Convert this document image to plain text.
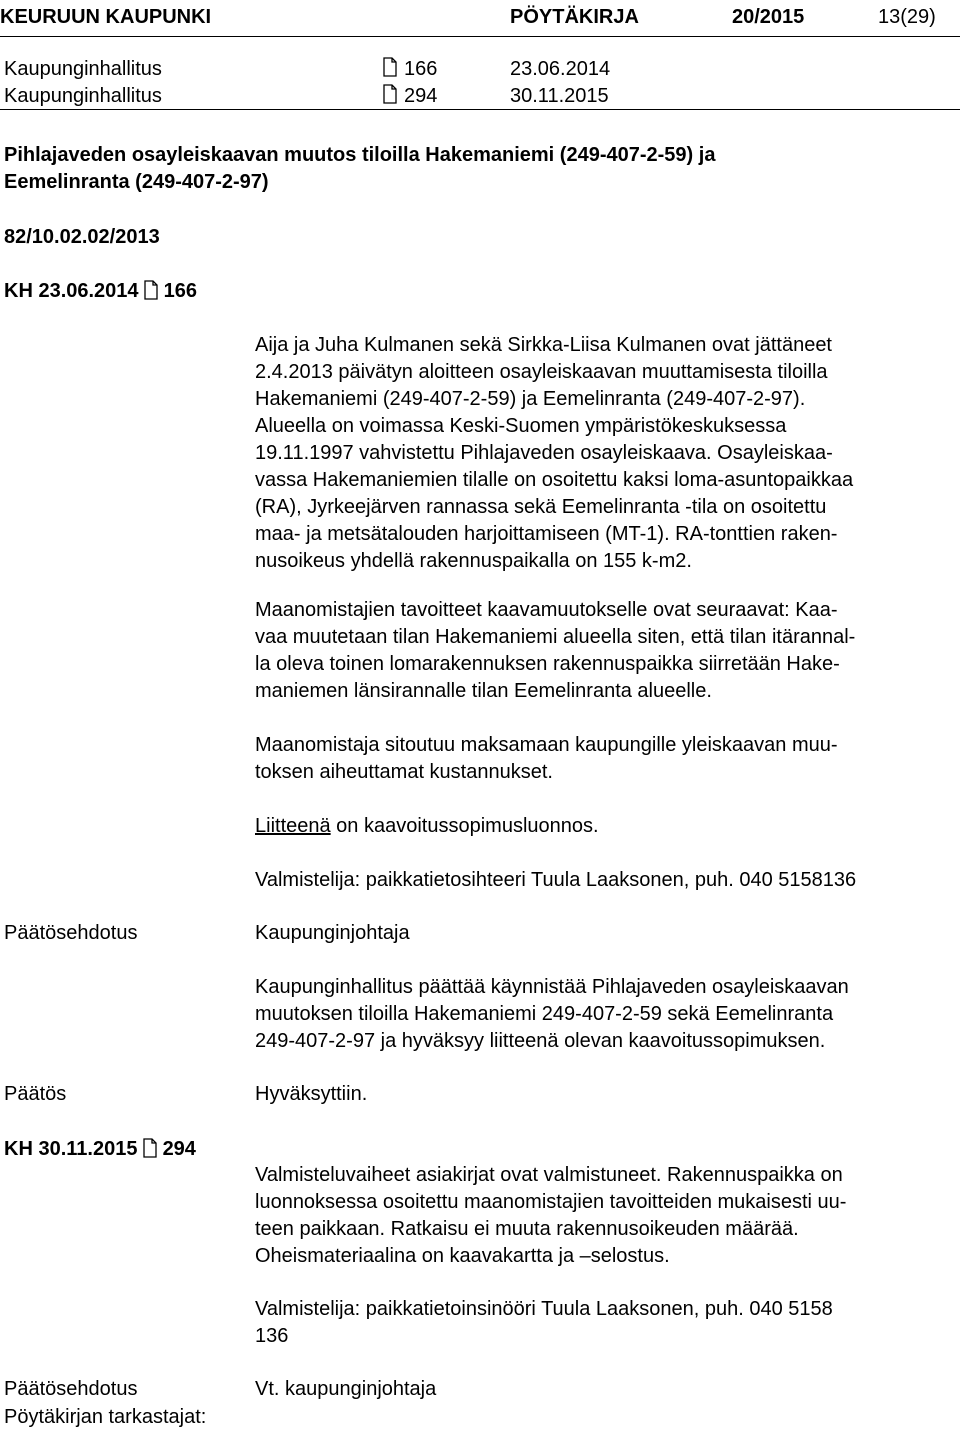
KEURUUN KAUPUNKI	PÖYTÄKIRJA	20/2015	13(29)
Kaupunginhallitus	166	23.06.2014
Kaupunginhallitus	294	30.11.2015
Pihlajaveden osayleiskaavan muutos tiloilla Hakemaniemi (249-407-2-59) ja
Eemelinranta (249-407-2-97)
82/10.02.02/2013
KH 23.06.2014 166

Aija ja Juha Kulmanen sekä Sirkka-Liisa Kulmanen ovat jättäneet

2.4.2013 päivätyn aloitteen osayleiskaavan muuttamisesta tiloilla

Hakemaniemi (249-407-2-59) ja Eemelinranta (249-407-2-97).

Alueella on voimassa Keski-Suomen ympäristökeskuksessa

19.11.1997 vahvistettu Pihlajaveden osayleiskaava. Osayleiskaa-

vassa Hakemaniemien tilalle on osoitettu kaksi loma-asuntopaikkaa

(RA), Jyrkeejärven rannassa sekä Eemelinranta -tila on osoitettu

maa- ja metsätalouden harjoittamiseen (MT-1). RA-tonttien raken-

nusoikeus yhdellä rakennuspaikalla on 155 k-m2.

Maanomistajien tavoitteet kaavamuutokselle ovat seuraavat: Kaa-

vaa muutetaan tilan Hakemaniemi alueella siten, että tilan itärannal-

la oleva toinen lomarakennuksen rakennuspaikka siirretään Hake-

maniemen länsirannalle tilan Eemelinranta alueelle.

Maanomistaja sitoutuu maksamaan kaupungille yleiskaavan muu-

toksen aiheuttamat kustannukset.

Liitteenä on kaavoitussopimusluonnos.
Valmistelija: paikkatietosihteeri Tuula Laaksonen, puh. 040 5158136
Päätösehdotus	Kaupunginjohtaja

Kaupunginhallitus päättää käynnistää Pihlajaveden osayleiskaavan

muutoksen tiloilla Hakemaniemi 249-407-2-59 sekä Eemelinranta

249-407-2-97 ja hyväksyy liitteenä olevan kaavoitussopimuksen.

Päätös	Hyväksyttiin.
KH 30.11.2015 294

Valmisteluvaiheet asiakirjat ovat valmistuneet. Rakennuspaikka on

luonnoksessa osoitettu maanomistajien tavoitteiden mukaisesti uu-

teen paikkaan. Ratkaisu ei muuta rakennusoikeuden määrää.

Oheismateriaalina on kaavakartta ja –selostus.

Valmistelija: paikkatietoinsinööri Tuula Laaksonen, puh. 040 5158

136

Päätösehdotus	Vt. kaupunginjohtaja
Pöytäkirjan tarkastajat:
